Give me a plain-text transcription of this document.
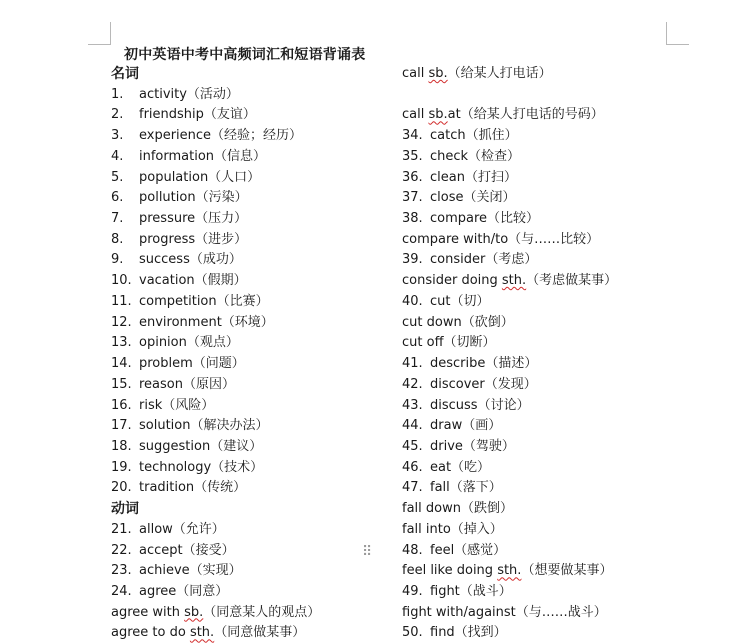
初中英语中考中高频词汇和短语背诵表
名词
1. activity（活动）
2. friendship（友谊）
3. experience（经验；经历）
4. information（信息）
5. population（人口）
6. pollution（污染）
7. pressure（压力）
8. progress（进步）
9. success（成功）
10. vacation（假期）
11. competition（比赛）
12. environment（环境）
13. opinion（观点）
14. problem（问题）
15. reason（原因）
16. risk（风险）
17. solution（解决办法）
18. suggestion（建议）
19. technology（技术）
20. tradition（传统）
动词
21. allow（允许）
22. accept（接受）
23. achieve（实现）
24. agree（同意）
agree with sb.（同意某人的观点）
agree to do sth.（同意做某事）
call sb.（给某人打电话）
call sb.at（给某人打电话的号码）
34. catch（抓住）
35. check（检查）
36. clean（打扫）
37. close（关闭）
38. compare（比较）
compare with/to（与……比较）
39. consider（考虑）
consider doing sth.（考虑做某事）
40. cut（切）
cut down（砍倒）
cut off（切断）
41. describe（描述）
42. discover（发现）
43. discuss（讨论）
44. draw（画）
45. drive（驾驶）
46. eat（吃）
47. fall（落下）
fall down（跌倒）
fall into（掉入）
48. feel（感觉）
feel like doing sth.（想要做某事）
49. fight（战斗）
fight with/against（与……战斗）
50. find（找到）
⠿
